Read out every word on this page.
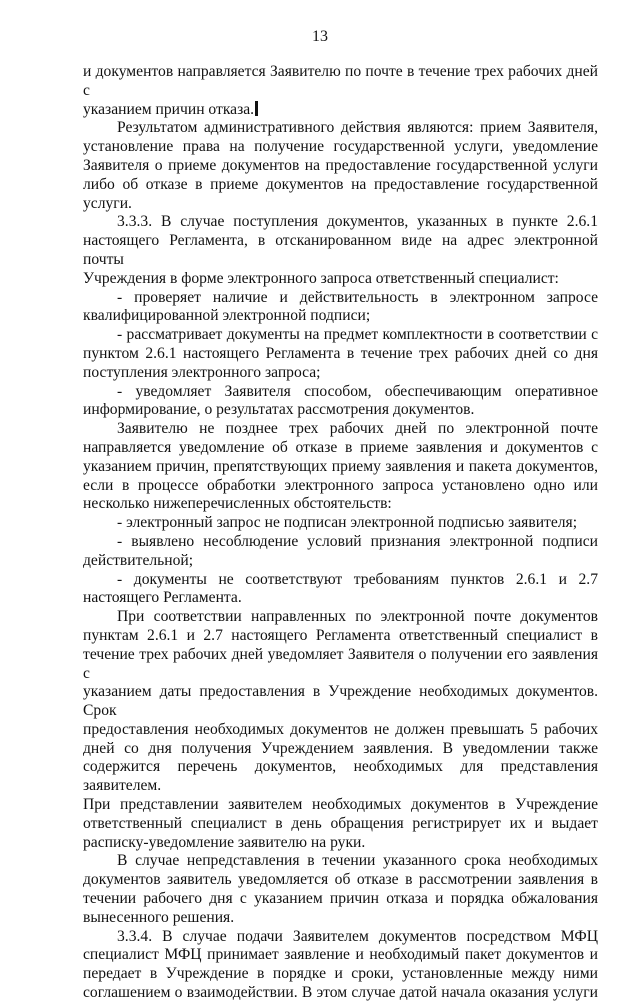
13

и документов направляется Заявителю по почте в течение трех рабочих дней с

указанием причин отказа.

Результатом административного действия являются: прием Заявителя,

установление права на получение государственной услуги, уведомление

Заявителя о приеме документов на предоставление государственной услуги

либо об отказе в приеме документов на предоставление государственной

услуги.

3.3.3. В случае поступления документов, указанных в пункте 2.6.1

настоящего Регламента, в отсканированном виде на адрес электронной почты

Учреждения в форме электронного запроса ответственный специалист:

- проверяет наличие и действительность в электронном запросе

квалифицированной электронной подписи;

- рассматривает документы на предмет комплектности в соответствии с

пунктом 2.6.1 настоящего Регламента в течение трех рабочих дней со дня

поступления электронного запроса;

- уведомляет Заявителя способом, обеспечивающим оперативное

информирование, о результатах рассмотрения документов.

Заявителю не позднее трех рабочих дней по электронной почте

направляется уведомление об отказе в приеме заявления и документов с

указанием причин, препятствующих приему заявления и пакета документов,

если в процессе обработки электронного запроса установлено одно или

несколько нижеперечисленных обстоятельств:

- электронный запрос не подписан электронной подписью заявителя;

- выявлено несоблюдение условий признания электронной подписи

действительной;

- документы не соответствуют требованиям пунктов 2.6.1 и 2.7

настоящего Регламента.

При соответствии направленных по электронной почте документов

пунктам 2.6.1 и 2.7 настоящего Регламента ответственный специалист в

течение трех рабочих дней уведомляет Заявителя о получении его заявления с

указанием даты предоставления в Учреждение необходимых документов. Срок

предоставления необходимых документов не должен превышать 5 рабочих

дней со дня получения Учреждением заявления. В уведомлении также

содержится перечень документов, необходимых для представления заявителем.

При представлении заявителем необходимых документов в Учреждение

ответственный специалист в день обращения регистрирует их и выдает

расписку-уведомление заявителю на руки.

В случае непредставления в течении указанного срока необходимых

документов заявитель уведомляется об отказе в рассмотрении заявления в

течении рабочего дня с указанием причин отказа и порядка обжалования

вынесенного решения.

3.3.4. В случае подачи Заявителем документов посредством МФЦ

специалист МФЦ принимает заявление и необходимый пакет документов и

передает в Учреждение в порядке и сроки, установленные между ними

соглашением о взаимодействии. В этом случае датой начала оказания услуги
